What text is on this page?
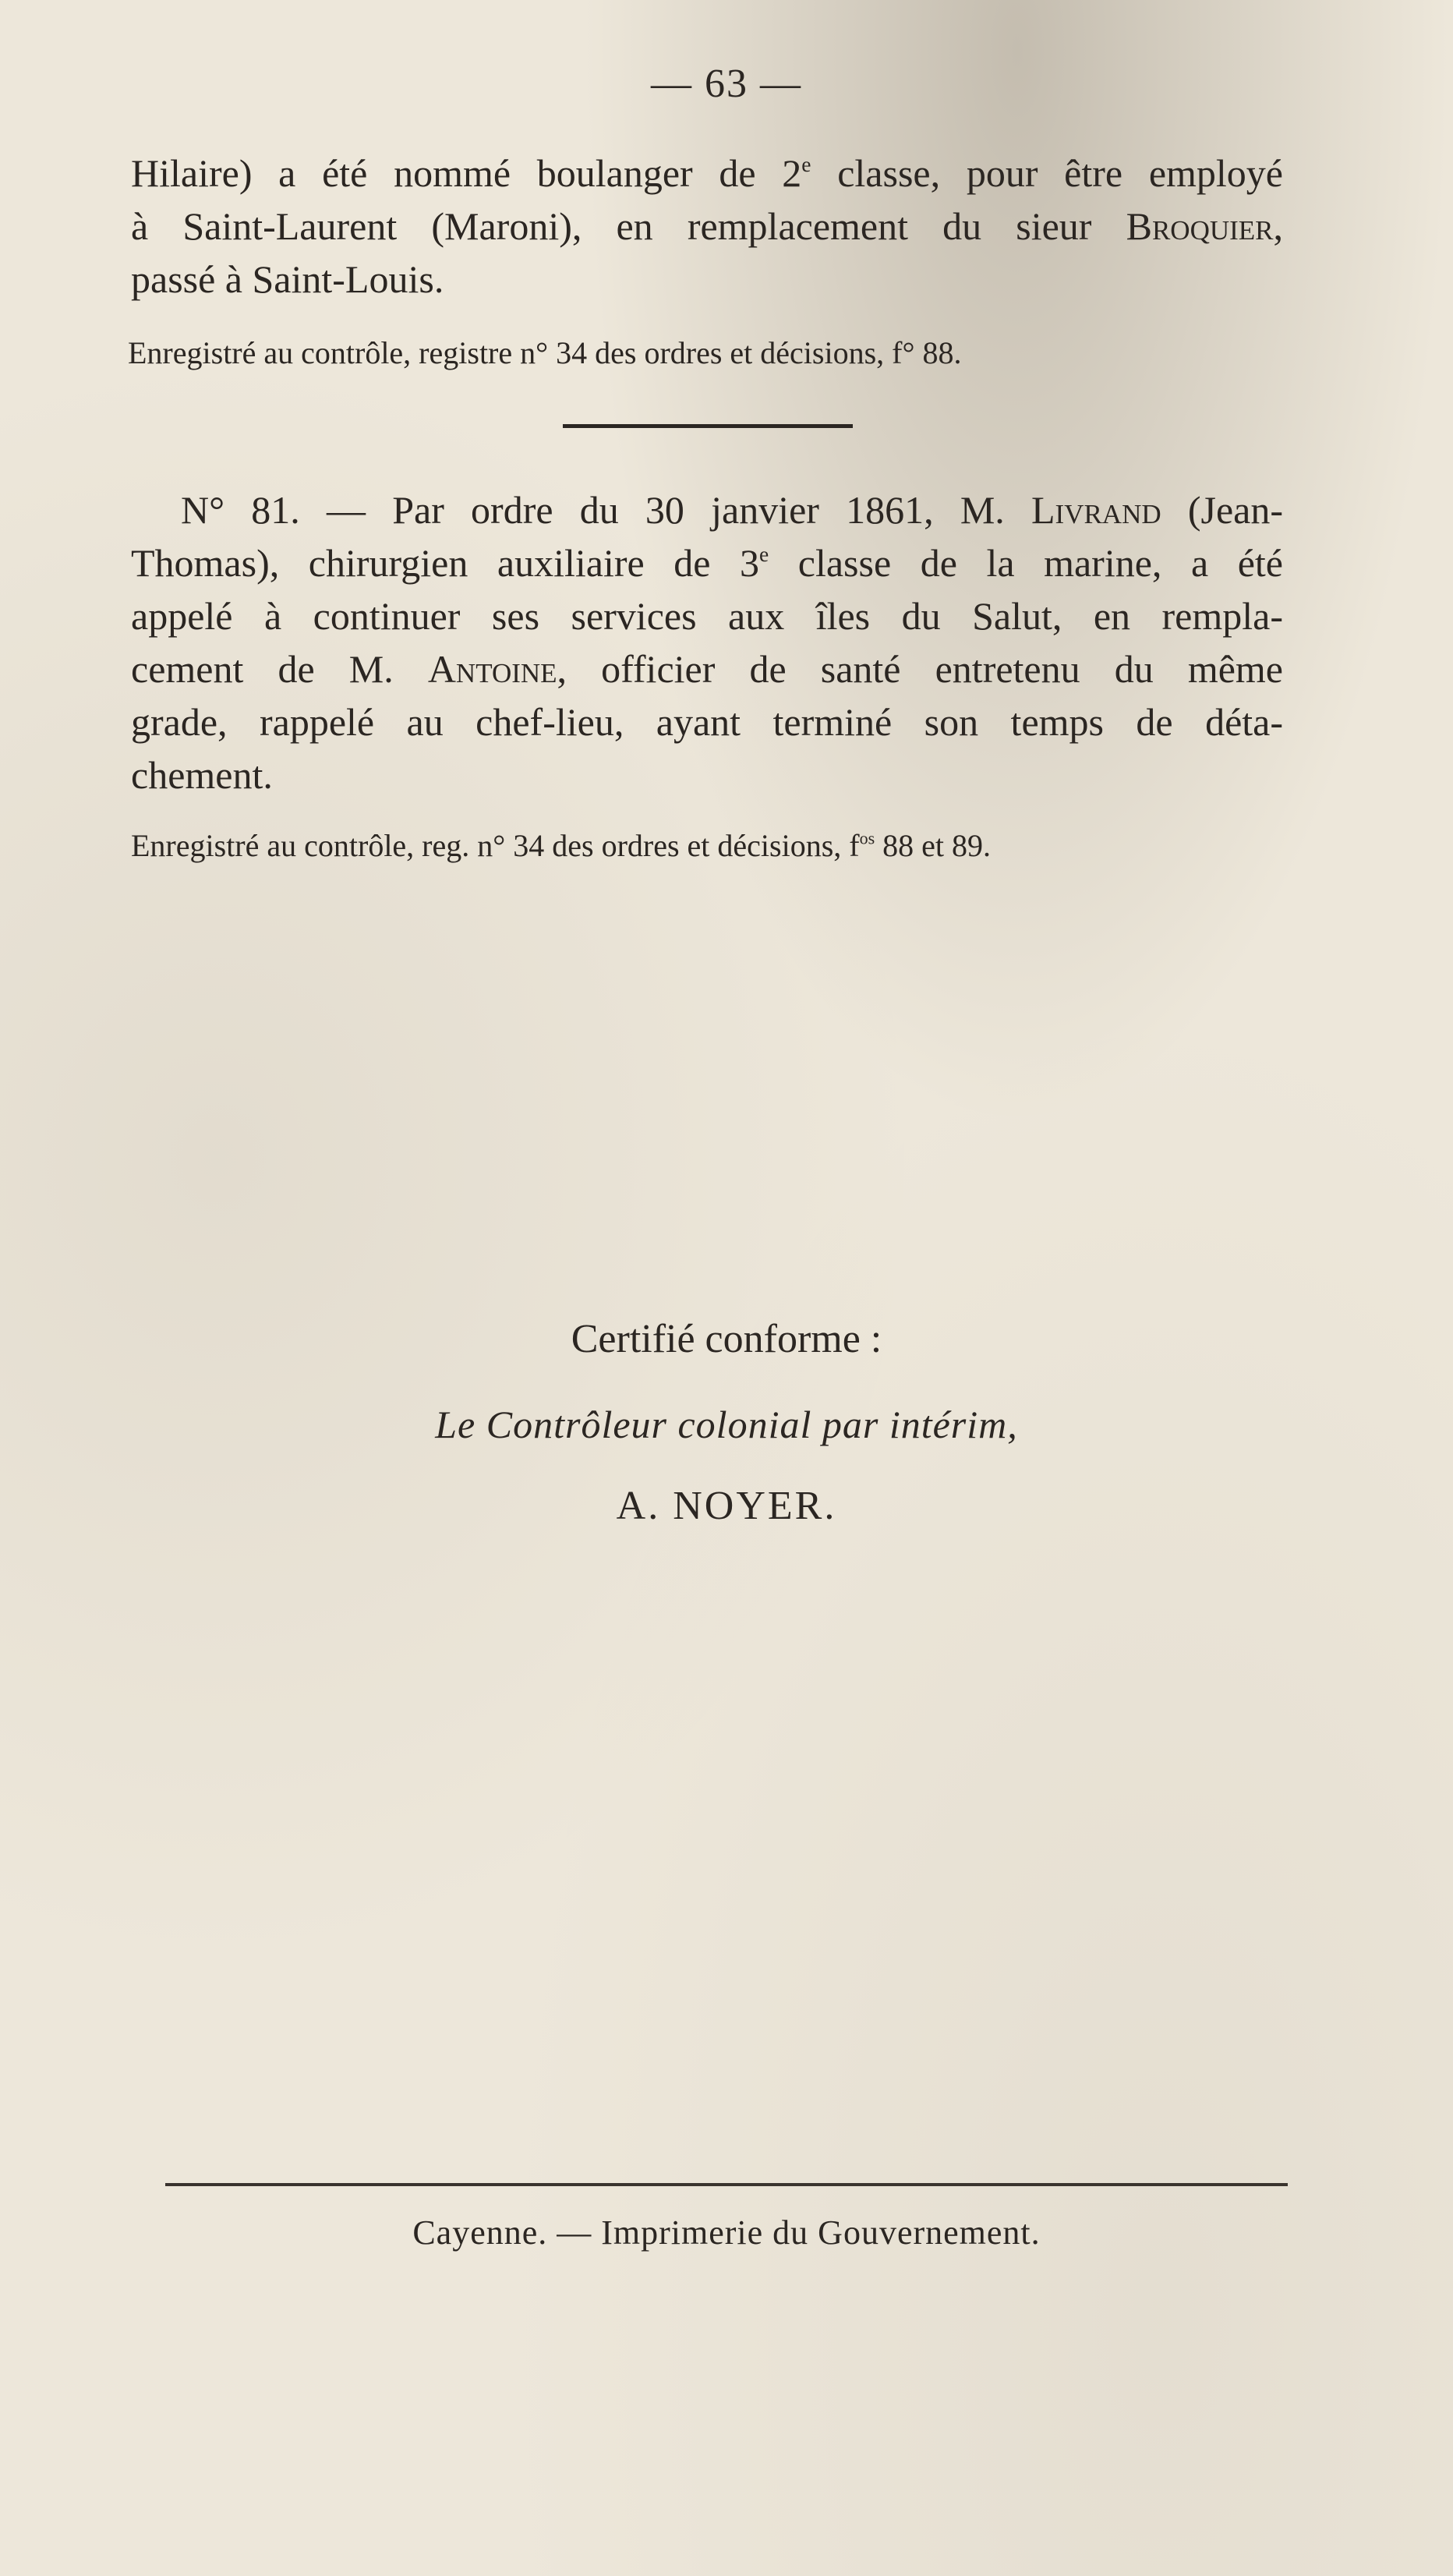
— 63 —
Hilaire) a été nommé boulanger de 2e classe, pour être employé
à Saint-Laurent (Maroni), en remplacement du sieur Broquier,
passé à Saint-Louis.
Enregistré au contrôle, registre n° 34 des ordres et décisions, f° 88.
N° 81. — Par ordre du 30 janvier 1861, M. Livrand (Jean-
Thomas), chirurgien auxiliaire de 3e classe de la marine, a été
appelé à continuer ses services aux îles du Salut, en rempla-
cement de M. Antoine, officier de santé entretenu du même
grade, rappelé au chef-lieu, ayant terminé son temps de déta-
chement.
Enregistré au contrôle, reg. n° 34 des ordres et décisions, $f^{os}$ 88 et 89.
Certifié conforme :
Le Contrôleur colonial par intérim,
A. NOYER.
Cayenne. — Imprimerie du Gouvernement.
